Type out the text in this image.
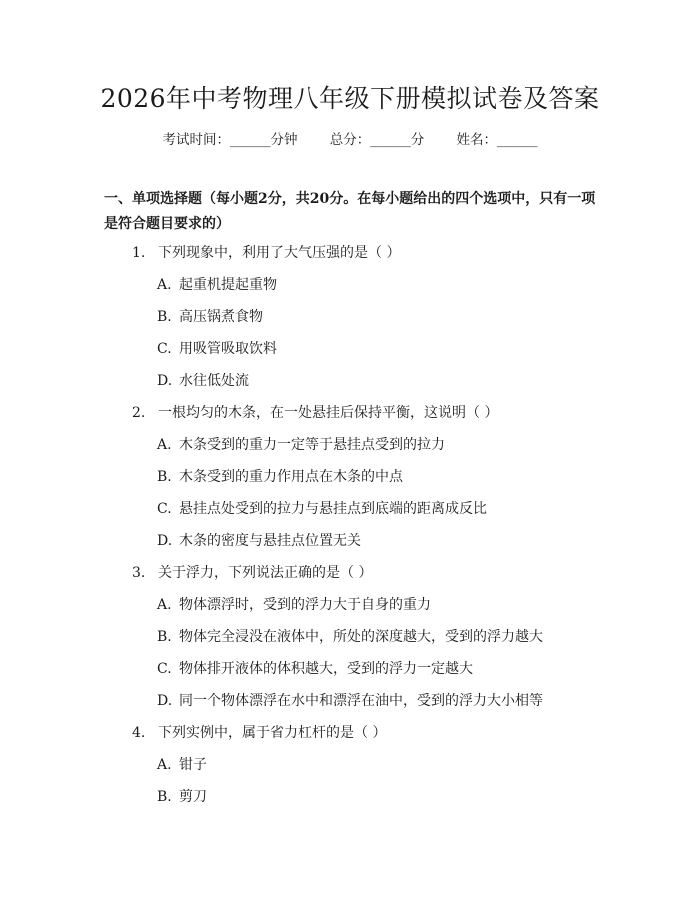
2026年中考物理八年级下册模拟试卷及答案
考试时间：______分钟 总分：______分 姓名：______
一、单项选择题（每小题2分，共20分。在每小题给出的四个选项中，只有一项是符合题目要求的）
1. 下列现象中，利用了大气压强的是（ ）
A. 起重机提起重物
B. 高压锅煮食物
C. 用吸管吸取饮料
D. 水往低处流
2. 一根均匀的木条，在一处悬挂后保持平衡，这说明（ ）
A. 木条受到的重力一定等于悬挂点受到的拉力
B. 木条受到的重力作用点在木条的中点
C. 悬挂点处受到的拉力与悬挂点到底端的距离成反比
D. 木条的密度与悬挂点位置无关
3. 关于浮力，下列说法正确的是（ ）
A. 物体漂浮时，受到的浮力大于自身的重力
B. 物体完全浸没在液体中，所处的深度越大，受到的浮力越大
C. 物体排开液体的体积越大，受到的浮力一定越大
D. 同一个物体漂浮在水中和漂浮在油中，受到的浮力大小相等
4. 下列实例中，属于省力杠杆的是（ ）
A. 钳子
B. 剪刀
